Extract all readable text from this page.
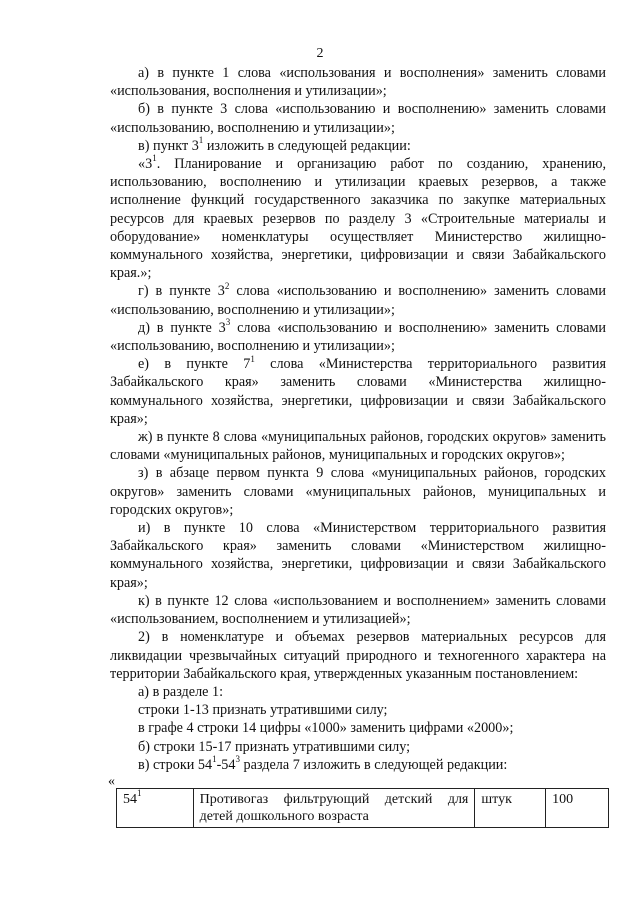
2

а) в пункте 1 слова «использования и восполнения» заменить словами «использования, восполнения и утилизации»;

б) в пункте 3 слова «использованию и восполнению» заменить словами «использованию, восполнению и утилизации»;

в) пункт $3^1$ изложить в следующей редакции:

«$3^1$. Планирование и организацию работ по созданию, хранению, использованию, восполнению и утилизации краевых резервов, а также исполнение функций государственного заказчика по закупке материальных ресурсов для краевых резервов по разделу 3 «Строительные материалы и оборудование» номенклатуры осуществляет Министерство жилищно-коммунального хозяйства, энергетики, цифровизации и связи Забайкальского края.»;

г) в пункте $3^2$ слова «использованию и восполнению» заменить словами «использованию, восполнению и утилизации»;

д) в пункте $3^3$ слова «использованию и восполнению» заменить словами «использованию, восполнению и утилизации»;

е) в пункте $7^1$ слова «Министерства территориального развития Забайкальского края» заменить словами «Министерства жилищно-коммунального хозяйства, энергетики, цифровизации и связи Забайкальского края»;

ж) в пункте 8 слова «муниципальных районов, городских округов» заменить словами «муниципальных районов, муниципальных и городских округов»;

з) в абзаце первом пункта 9 слова «муниципальных районов, городских округов» заменить словами «муниципальных районов, муниципальных и городских округов»;

и) в пункте 10 слова «Министерством территориального развития Забайкальского края» заменить словами «Министерством жилищно-коммунального хозяйства, энергетики, цифровизации и связи Забайкальского края»;

к) в пункте 12 слова «использованием и восполнением» заменить словами «использованием, восполнением и утилизацией»;

2) в номенклатуре и объемах резервов материальных ресурсов для ликвидации чрезвычайных ситуаций природного и техногенного характера на территории Забайкальского края, утвержденных указанным постановлением:

а) в разделе 1:

строки 1-13 признать утратившими силу;

в графе 4 строки 14 цифры «1000» заменить цифрами «2000»;

б) строки 15-17 признать утратившими силу;

в) строки $54^1-54^3$ раздела 7 изложить в следующей редакции:

«
$54^1$	Противогаз фильтрующий детский для детей дошкольного возраста	штук	100
